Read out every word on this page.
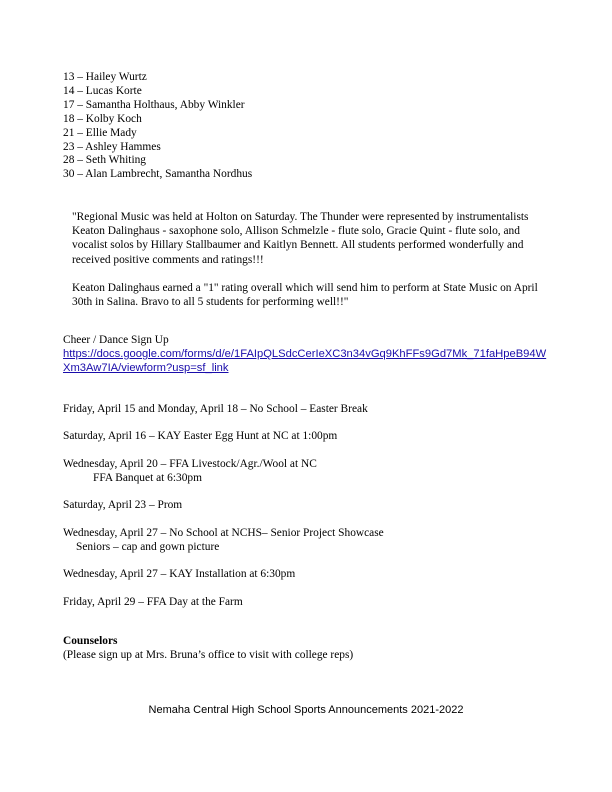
13 – Hailey Wurtz
14 – Lucas Korte
17 – Samantha Holthaus, Abby Winkler
18 – Kolby Koch
21 – Ellie Mady
23 – Ashley Hammes
28 – Seth Whiting
30 – Alan Lambrecht, Samantha Nordhus

"Regional Music was held at Holton on Saturday. The Thunder were represented by instrumentalists Keaton Dalinghaus - saxophone solo, Allison Schmelzle - flute solo, Gracie Quint - flute solo, and vocalist solos by Hillary Stallbaumer and Kaitlyn Bennett. All students performed wonderfully and received positive comments and ratings!!!

Keaton Dalinghaus earned a "1" rating overall which will send him to perform at State Music on April 30th in Salina. Bravo to all 5 students for performing well!!"

Cheer / Dance Sign Up
https://docs.google.com/forms/d/e/1FAIpQLSdcCerIeXC3n34vGq9KhFFs9Gd7Mk_71faHpeB94WXm3Aw7IA/viewform?usp=sf_link
Friday, April 15 and Monday, April 18 – No School – Easter Break
Saturday, April 16 – KAY Easter Egg Hunt at NC at 1:00pm
Wednesday, April 20 – FFA Livestock/Agr./Wool at NC
FFA Banquet at 6:30pm
Saturday, April 23 – Prom
Wednesday, April 27 – No School at NCHS– Senior Project Showcase
Seniors – cap and gown picture
Wednesday, April 27 – KAY Installation at 6:30pm
Friday, April 29 – FFA Day at the Farm
Counselors
(Please sign up at Mrs. Bruna’s office to visit with college reps)
Nemaha Central High School Sports Announcements 2021-2022
